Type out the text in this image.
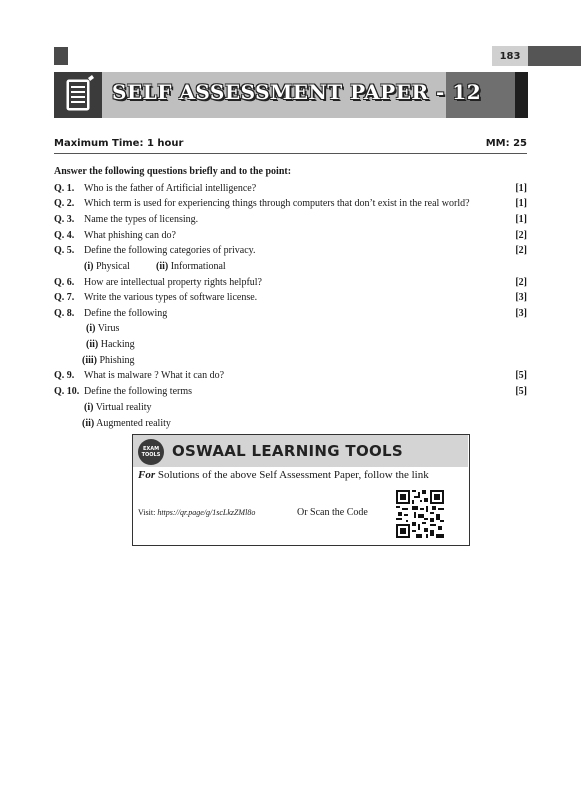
183
SELF ASSESSMENT PAPER - 12
Maximum Time: 1 hour	MM: 25
Answer the following questions briefly and to the point:
Q. 1. Who is the father of Artificial intelligence?	[1]
Q. 2. Which term is used for experiencing things through computers that don’t exist in the real world?	[1]
Q. 3. Name the types of licensing.	[1]
Q. 4. What phishing can do?	[2]
Q. 5. Define the following categories of privacy.	[2]
(i) Physical	(ii) Informational
Q. 6. How are intellectual property rights helpful?	[2]
Q. 7. Write the various types of software license.	[3]
Q. 8. Define the following	[3]
(i) Virus
(ii) Hacking
(iii) Phishing
Q. 9. What is malware ? What it can do?	[5]
Q. 10. Define the following terms	[5]
(i) Virtual reality
(ii) Augmented reality
EXAM TOOLS OSWAAL LEARNING TOOLS
For Solutions of the above Self Assessment Paper, follow the link
Visit: https://qr.page/g/1scLkzZMl8o	Or Scan the Code
